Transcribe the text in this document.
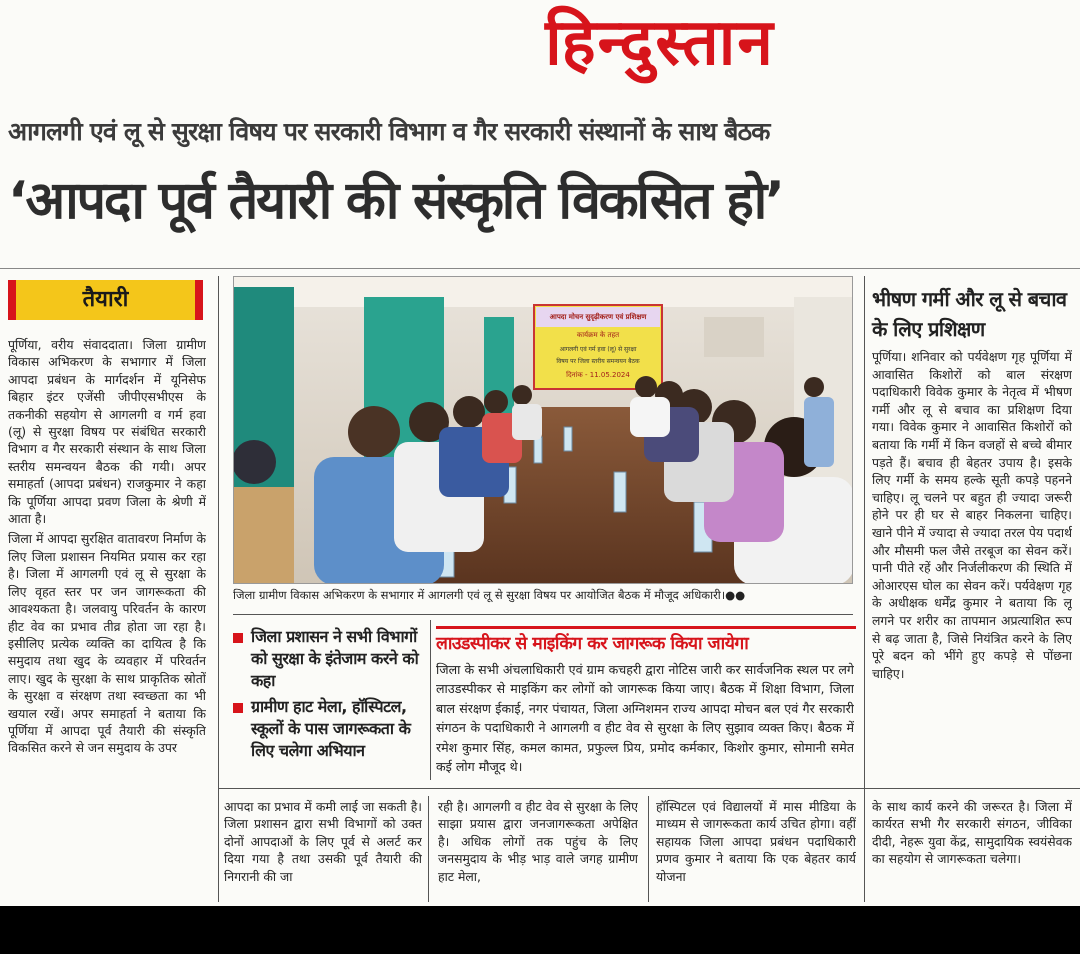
हिन्दुस्तान
आगलगी एवं लू से सुरक्षा विषय पर सरकारी विभाग व गैर सरकारी संस्थानों के साथ बैठक
‘आपदा पूर्व तैयारी की संस्कृति विकसित हो’
तैयारी

पूर्णिया, वरीय संवाददाता। जिला ग्रामीण विकास अभिकरण के सभागार में जिला आपदा प्रबंधन के मार्गदर्शन में यूनिसेफ बिहार इंटर एजेंसी जीपीएसभीएस के तकनीकी सहयोग से आगलगी व गर्म हवा (लू) से सुरक्षा विषय पर संबंधित सरकारी विभाग व गैर सरकारी संस्थान के साथ जिला स्तरीय समन्वयन बैठक की गयी। अपर समाहर्ता (आपदा प्रबंधन) राजकुमार ने कहा कि पूर्णिया आपदा प्रवण जिला के श्रेणी में आता है।

जिला में आपदा सुरक्षित वातावरण निर्माण के लिए जिला प्रशासन नियमित प्रयास कर रहा है। जिला में आगलगी एवं लू से सुरक्षा के लिए वृहत स्तर पर जन जागरूकता की आवश्यकता है। जलवायु परिवर्तन के कारण हीट वेव का प्रभाव तीव्र होता जा रहा है। इसीलिए प्रत्येक व्यक्ति का दायित्व है कि समुदाय तथा खुद के व्यवहार में परिवर्तन लाए। खुद के सुरक्षा के साथ प्राकृतिक स्रोतों के सुरक्षा व संरक्षण तथा स्वच्छता का भी खयाल रखें। अपर समाहर्ता ने बताया कि पूर्णिया में आपदा पूर्व तैयारी की संस्कृति विकसित करने से जन समुदाय के उपर

आपदा मोचन सुदृढ़ीकरण एवं प्रशिक्षण
कार्यक्रम के तहत
आगलगी एवं गर्म हवा (लू) से सुरक्षा
विषय पर जिला स्तरीय समन्वयन बैठक
दिनांक - 11.05.2024
जिला ग्रामीण विकास अभिकरण के सभागार में आगलगी एवं लू से सुरक्षा विषय पर आयोजित बैठक में मौजूद अधिकारी।●●
जिला प्रशासन ने सभी विभागों को सुरक्षा के इंतेजाम करने को कहा
ग्रामीण हाट मेला, हॉस्पिटल, स्कूलों के पास जागरूकता के लिए चलेगा अभियान
लाउडस्पीकर से माइकिंग कर जागरूक किया जायेगा
जिला के सभी अंचलाधिकारी एवं ग्राम कचहरी द्वारा नोटिस जारी कर सार्वजनिक स्थल पर लगे लाउडस्पीकर से माइकिंग कर लोगों को जागरूक किया जाए। बैठक में शिक्षा विभाग, जिला बाल संरक्षण ईकाई, नगर पंचायत, जिला अग्निशमन राज्य आपदा मोचन बल एवं गैर सरकारी संगठन के पदाधिकारी ने आगलगी व हीट वेव से सुरक्षा के लिए सुझाव व्यक्त किए। बैठक में रमेश कुमार सिंह, कमल कामत, प्रफुल्ल प्रिय, प्रमोद कर्मकार, किशोर कुमार, सोमानी समेत कई लोग मौजूद थे।
भीषण गर्मी और लू से बचाव के लिए प्रशिक्षण
पूर्णिया। शनिवार को पर्यवेक्षण गृह पूर्णिया में आवासित किशोरों को बाल संरक्षण पदाधिकारी विवेक कुमार के नेतृत्व में भीषण गर्मी और लू से बचाव का प्रशिक्षण दिया गया। विवेक कुमार ने आवासित किशोरों को बताया कि गर्मी में किन वजहों से बच्चे बीमार पड़ते हैं। बचाव ही बेहतर उपाय है। इसके लिए गर्मी के समय हल्के सूती कपड़े पहनने चाहिए। लू चलने पर बहुत ही ज्यादा जरूरी होने पर ही घर से बाहर निकलना चाहिए। खाने पीने में ज्यादा से ज्यादा तरल पेय पदार्थ और मौसमी फल जैसे तरबूज का सेवन करें। पानी पीते रहें और निर्जलीकरण की स्थिति में ओआरएस घोल का सेवन करें। पर्यवेक्षण गृह के अधीक्षक धर्मेंद्र कुमार ने बताया कि लू लगने पर शरीर का तापमान अप्रत्याशित रूप से बढ़ जाता है, जिसे नियंत्रित करने के लिए पूरे बदन को भींगे हुए कपड़े से पोंछना चाहिए।
आपदा का प्रभाव में कमी लाई जा सकती है। जिला प्रशासन द्वारा सभी विभागों को उक्त दोनों आपदाओं के लिए पूर्व से अलर्ट कर दिया गया है तथा उसकी पूर्व तैयारी की निगरानी की जा
रही है। आगलगी व हीट वेव से सुरक्षा के लिए साझा प्रयास द्वारा जनजागरूकता अपेक्षित है। अधिक लोगों तक पहुंच के लिए जनसमुदाय के भीड़ भाड़ वाले जगह ग्रामीण हाट मेला,
हॉस्पिटल एवं विद्यालयों में मास मीडिया के माध्यम से जागरूकता कार्य उचित होगा। वहीं सहायक जिला आपदा प्रबंधन पदाधिकारी प्रणव कुमार ने बताया कि एक बेहतर कार्य योजना
के साथ कार्य करने की जरूरत है। जिला में कार्यरत सभी गैर सरकारी संगठन, जीविका दीदी, नेहरू युवा केंद्र, सामुदायिक स्वयंसेवक का सहयोग से जागरूकता चलेगा।
